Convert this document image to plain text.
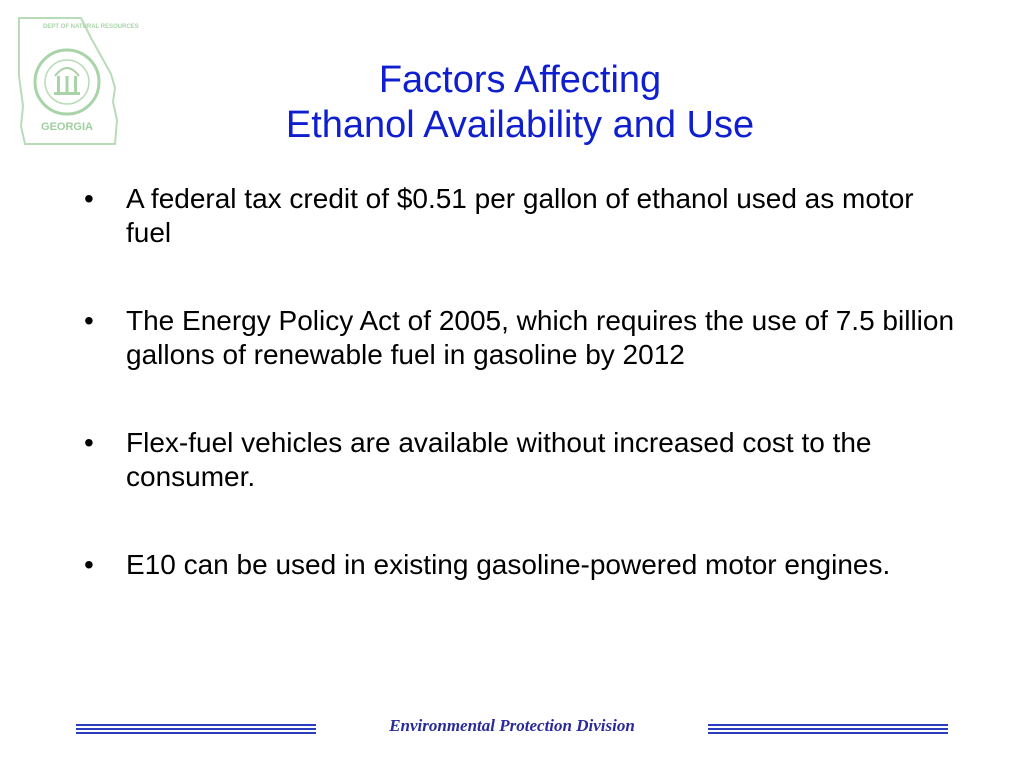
DEPT OF NATURAL RESOURCES
GEORGIA
Factors Affecting
Ethanol Availability and Use
• A federal tax credit of $0.51 per gallon of ethanol used as motor fuel
• The Energy Policy Act of 2005, which requires the use of 7.5 billion gallons of renewable fuel in gasoline by 2012
• Flex-fuel vehicles are available without increased cost to the consumer.
• E10 can be used in existing gasoline-powered motor engines.
Environmental Protection Division
